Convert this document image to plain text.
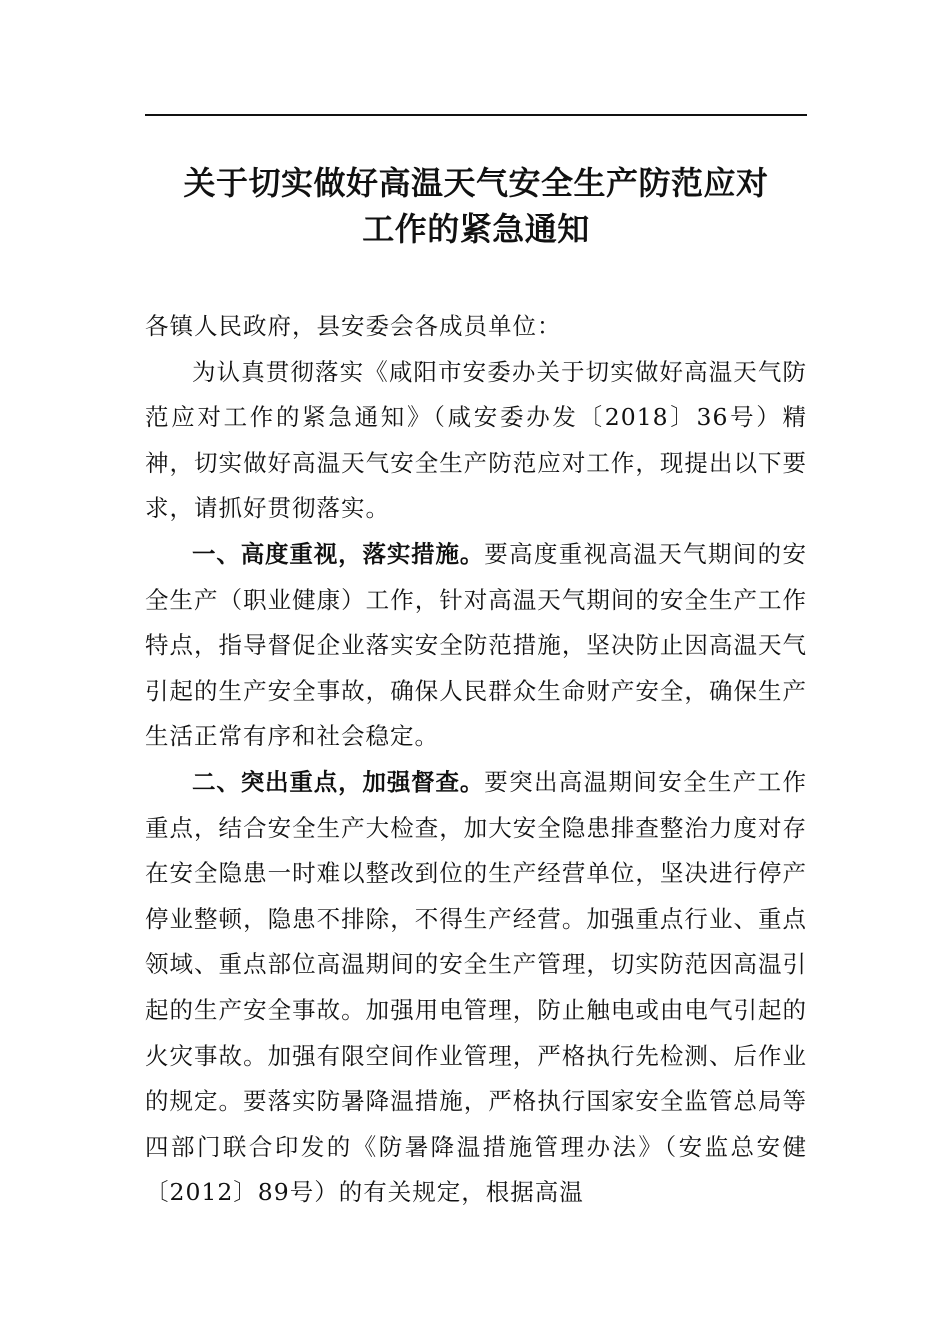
关于切实做好高温天气安全生产防范应对
工作的紧急通知

各镇人民政府，县安委会各成员单位：

为认真贯彻落实《咸阳市安委办关于切实做好高温天气防范应对工作的紧急通知》（咸安委办发〔2018〕36号）精神，切实做好高温天气安全生产防范应对工作，现提出以下要求，请抓好贯彻落实。

一、高度重视，落实措施。要高度重视高温天气期间的安全生产（职业健康）工作，针对高温天气期间的安全生产工作特点，指导督促企业落实安全防范措施，坚决防止因高温天气引起的生产安全事故，确保人民群众生命财产安全，确保生产生活正常有序和社会稳定。

二、突出重点，加强督查。要突出高温期间安全生产工作重点，结合安全生产大检查，加大安全隐患排查整治力度对存在安全隐患一时难以整改到位的生产经营单位，坚决进行停产停业整顿，隐患不排除，不得生产经营。加强重点行业、重点领域、重点部位高温期间的安全生产管理，切实防范因高温引起的生产安全事故。加强用电管理，防止触电或由电气引起的火灾事故。加强有限空间作业管理，严格执行先检测、后作业的规定。要落实防暑降温措施，严格执行国家安全监管总局等四部门联合印发的《防暑降温措施管理办法》（安监总安健〔2012〕89号）的有关规定，根据高温
